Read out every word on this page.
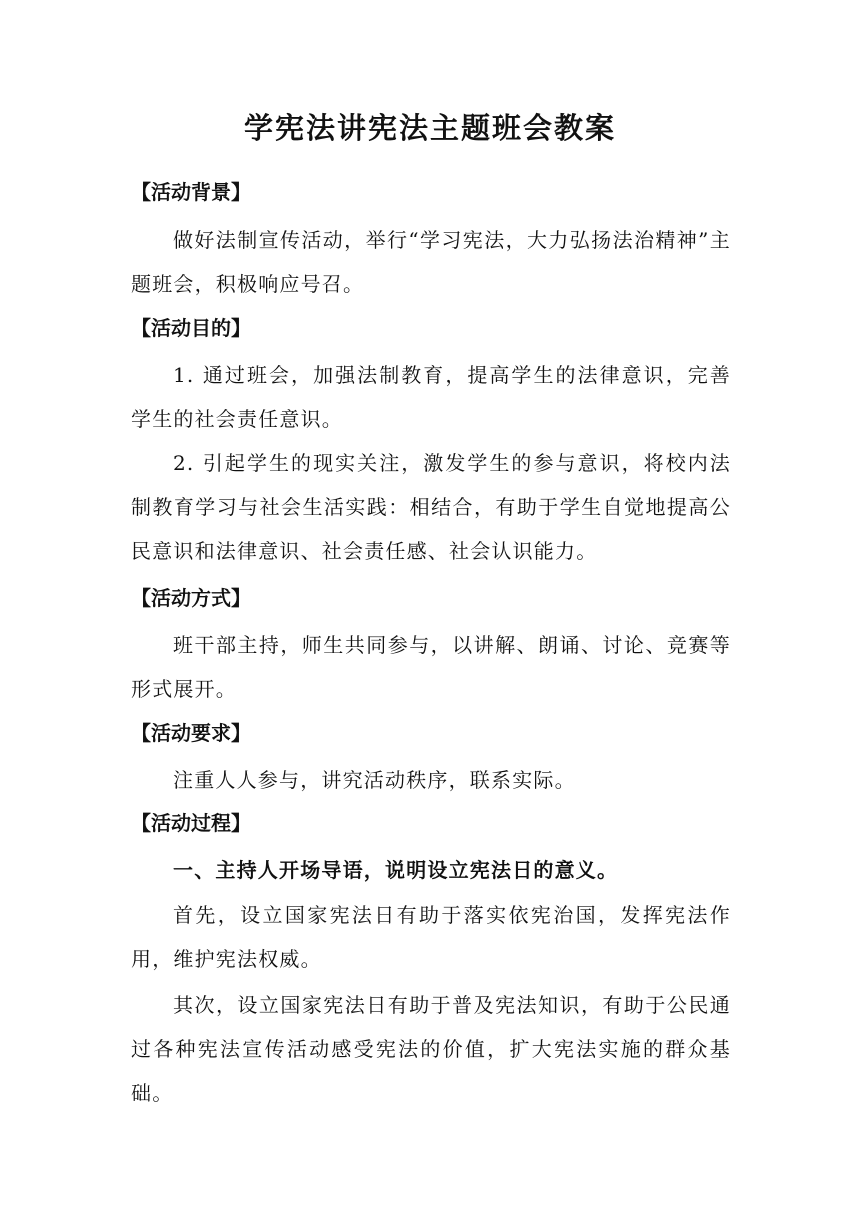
学宪法讲宪法主题班会教案
【活动背景】
做好法制宣传活动，举行“学习宪法，大力弘扬法治精神”主题班会，积极响应号召。
【活动目的】
1. 通过班会，加强法制教育，提高学生的法律意识，完善学生的社会责任意识。
2. 引起学生的现实关注，激发学生的参与意识，将校内法制教育学习与社会生活实践：相结合，有助于学生自觉地提高公民意识和法律意识、社会责任感、社会认识能力。
【活动方式】
班干部主持，师生共同参与，以讲解、朗诵、讨论、竞赛等形式展开。
【活动要求】
注重人人参与，讲究活动秩序，联系实际。
【活动过程】
一、主持人开场导语，说明设立宪法日的意义。
首先，设立国家宪法日有助于落实依宪治国，发挥宪法作用，维护宪法权威。
其次，设立国家宪法日有助于普及宪法知识，有助于公民通过各种宪法宣传活动感受宪法的价值，扩大宪法实施的群众基础。
